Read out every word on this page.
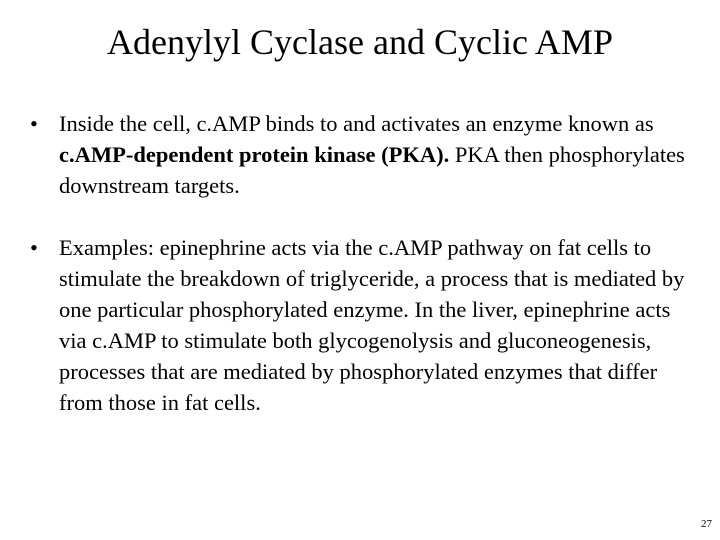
Adenylyl Cyclase and Cyclic AMP
• Inside the cell, c.AMP binds to and activates an enzyme known as c.AMP-dependent protein kinase (PKA). PKA then phosphorylates downstream targets.
• Examples: epinephrine acts via the c.AMP pathway on fat cells to stimulate the breakdown of triglyceride, a process that is mediated by one particular phosphorylated enzyme. In the liver, epinephrine acts via c.AMP to stimulate both glycogenolysis and gluconeogenesis, processes that are mediated by phosphorylated enzymes that differ from those in fat cells.
27
